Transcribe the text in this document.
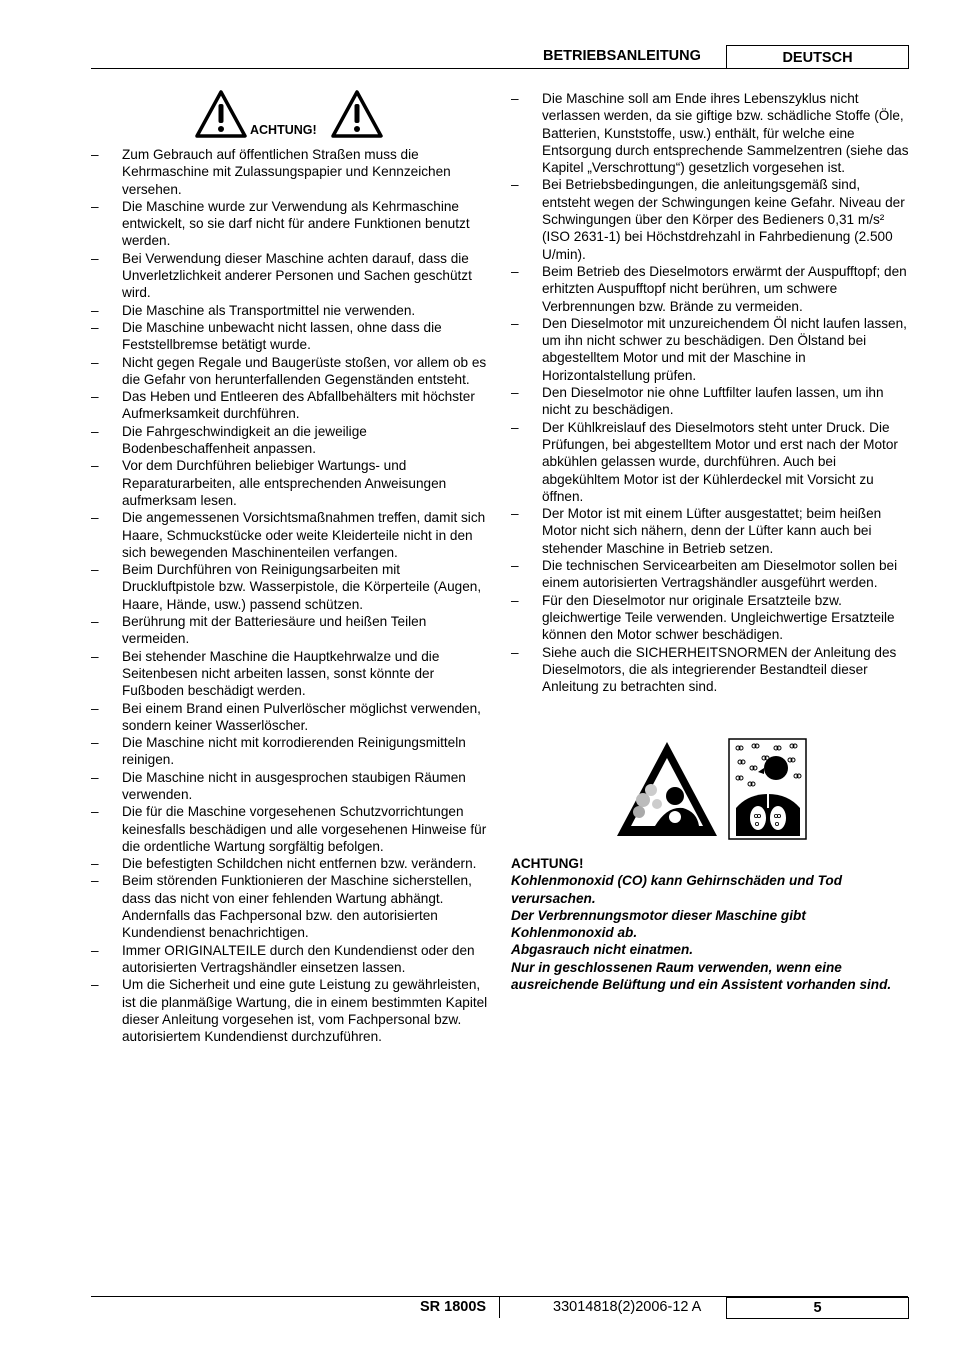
BETRIEBSANLEITUNG	DEUTSCH
ACHTUNG!
– Zum Gebrauch auf öffentlichen Straßen muss die Kehrmaschine mit Zulassungspapier und Kennzeichen versehen.
– Die Maschine wurde zur Verwendung als Kehrmaschine entwickelt, so sie darf nicht für andere Funktionen benutzt werden.
– Bei Verwendung dieser Maschine achten darauf, dass die Unverletzlichkeit anderer Personen und Sachen geschützt wird.
– Die Maschine als Transportmittel nie verwenden.
– Die Maschine unbewacht nicht lassen, ohne dass die Feststellbremse betätigt wurde.
– Nicht gegen Regale und Baugerüste stoßen, vor allem ob es die Gefahr von herunterfallenden Gegenständen entsteht.
– Das Heben und Entleeren des Abfallbehälters mit höchster Aufmerksamkeit durchführen.
– Die Fahrgeschwindigkeit an die jeweilige Bodenbeschaffenheit anpassen.
– Vor dem Durchführen beliebiger Wartungs- und Reparaturarbeiten, alle entsprechenden Anweisungen aufmerksam lesen.
– Die angemessenen Vorsichtsmaßnahmen treffen, damit sich Haare, Schmuckstücke oder weite Kleiderteile nicht in den sich bewegenden Maschinenteilen verfangen.
– Beim Durchführen von Reinigungsarbeiten mit Druckluftpistole bzw. Wasserpistole, die Körperteile (Augen, Haare, Hände, usw.) passend schützen.
– Berührung mit der Batteriesäure und heißen Teilen vermeiden.
– Bei stehender Maschine die Hauptkehrwalze und die Seitenbesen nicht arbeiten lassen, sonst könnte der Fußboden beschädigt werden.
– Bei einem Brand einen Pulverlöscher möglichst verwenden, sondern keiner Wasserlöscher.
– Die Maschine nicht mit korrodierenden Reinigungsmitteln reinigen.
– Die Maschine nicht in ausgesprochen staubigen Räumen verwenden.
– Die für die Maschine vorgesehenen Schutzvorrichtungen keinesfalls beschädigen und alle vorgesehenen Hinweise für die ordentliche Wartung sorgfältig befolgen.
– Die befestigten Schildchen nicht entfernen bzw. verändern.
– Beim störenden Funktionieren der Maschine sicherstellen, dass das nicht von einer fehlenden Wartung abhängt. Andernfalls das Fachpersonal bzw. den autorisierten Kundendienst benachrichtigen.
– Immer ORIGINALTEILE durch den Kundendienst oder den autorisierten Vertragshändler einsetzen lassen.
– Um die Sicherheit und eine gute Leistung zu gewährleisten, ist die planmäßige Wartung, die in einem bestimmten Kapitel dieser Anleitung vorgesehen ist, vom Fachpersonal bzw. autorisiertem Kundendienst durchzuführen.
– Die Maschine soll am Ende ihres Lebenszyklus nicht verlassen werden, da sie giftige bzw. schädliche Stoffe (Öle, Batterien, Kunststoffe, usw.) enthält, für welche eine Entsorgung durch entsprechende Sammelzentren (siehe das Kapitel „Verschrottung“) gesetzlich vorgesehen ist.
– Bei Betriebsbedingungen, die anleitungsgemäß sind, entsteht wegen der Schwingungen keine Gefahr. Niveau der Schwingungen über den Körper des Bedieners 0,31 m/s² (ISO 2631-1) bei Höchstdrehzahl in Fahrbedienung (2.500 U/min).
– Beim Betrieb des Dieselmotors erwärmt der Auspufftopf; den erhitzten Auspufftopf nicht berühren, um schwere Verbrennungen bzw. Brände zu vermeiden.
– Den Dieselmotor mit unzureichendem Öl nicht laufen lassen, um ihn nicht schwer zu beschädigen. Den Ölstand bei abgestelltem Motor und mit der Maschine in Horizontalstellung prüfen.
– Den Dieselmotor nie ohne Luftfilter laufen lassen, um ihn nicht zu beschädigen.
– Der Kühlkreislauf des Dieselmotors steht unter Druck. Die Prüfungen, bei abgestelltem Motor und erst nach der Motor abkühlen gelassen wurde, durchführen. Auch bei abgekühltem Motor ist der Kühlerdeckel mit Vorsicht zu öffnen.
– Der Motor ist mit einem Lüfter ausgestattet; beim heißen Motor nicht sich nähern, denn der Lüfter kann auch bei stehender Maschine in Betrieb setzen.
– Die technischen Servicearbeiten am Dieselmotor sollen bei einem autorisierten Vertragshändler ausgeführt werden.
– Für den Dieselmotor nur originale Ersatzteile bzw. gleichwertige Teile verwenden. Ungleichwertige Ersatzteile können den Motor schwer beschädigen.
– Siehe auch die SICHERHEITSNORMEN der Anleitung des Dieselmotors, die als integrierender Bestandteil dieser Anleitung zu betrachten sind.
ACHTUNG!
Kohlenmonoxid (CO) kann Gehirnschäden und Tod verursachen.
Der Verbrennungsmotor dieser Maschine gibt Kohlenmonoxid ab.
Abgasrauch nicht einatmen.
Nur in geschlossenen Raum verwenden, wenn eine ausreichende Belüftung und ein Assistent vorhanden sind.
SR 1800S	33014818(2)2006-12 A	5
